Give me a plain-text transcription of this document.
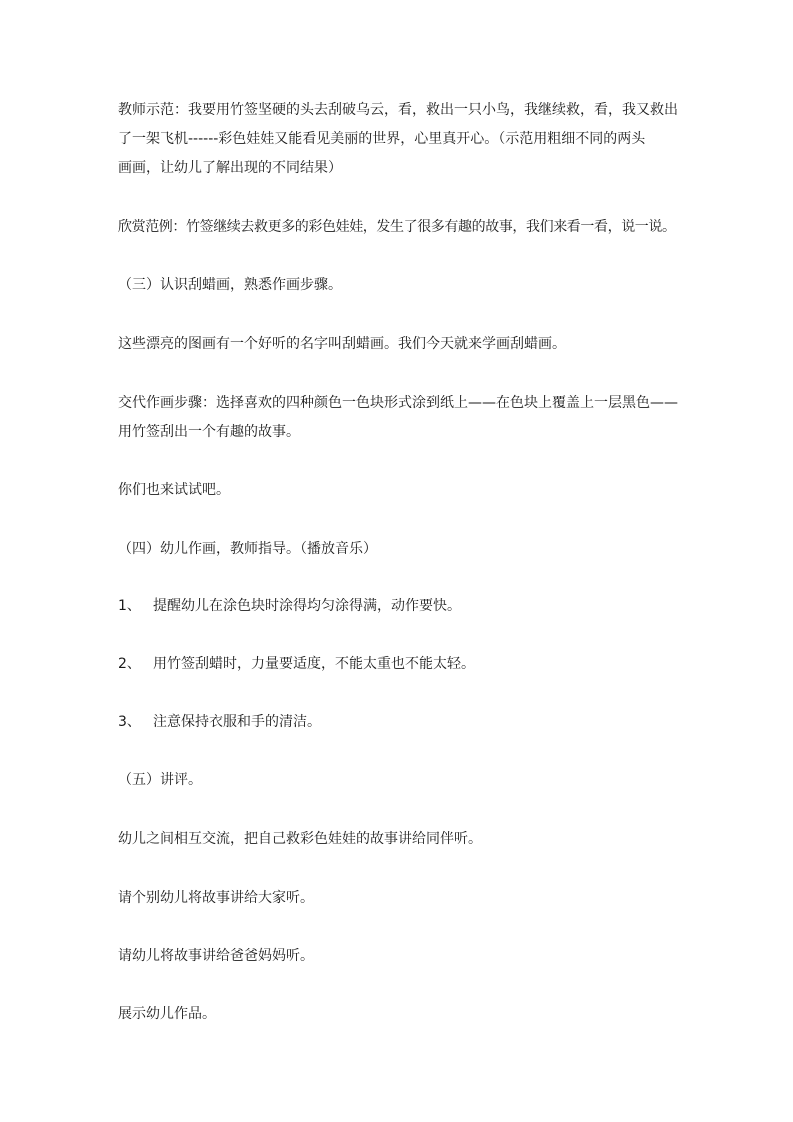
教师示范：我要用竹签坚硬的头去刮破乌云，看，救出一只小鸟，我继续救，看，我又救出
了一架飞机------彩色娃娃又能看见美丽的世界，心里真开心。（示范用粗细不同的两头
画画，让幼儿了解出现的不同结果）
欣赏范例：竹签继续去救更多的彩色娃娃，发生了很多有趣的故事，我们来看一看，说一说。
（三）认识刮蜡画，熟悉作画步骤。
这些漂亮的图画有一个好听的名字叫刮蜡画。我们今天就来学画刮蜡画。
交代作画步骤：选择喜欢的四种颜色一色块形式涂到纸上——在色块上覆盖上一层黑色——
用竹签刮出一个有趣的故事。
你们也来试试吧。
（四）幼儿作画，教师指导。（播放音乐）
1、 提醒幼儿在涂色块时涂得均匀涂得满，动作要快。
2、 用竹签刮蜡时，力量要适度，不能太重也不能太轻。
3、 注意保持衣服和手的清洁。
（五）讲评。
幼儿之间相互交流，把自己救彩色娃娃的故事讲给同伴听。
请个别幼儿将故事讲给大家听。
请幼儿将故事讲给爸爸妈妈听。
展示幼儿作品。
